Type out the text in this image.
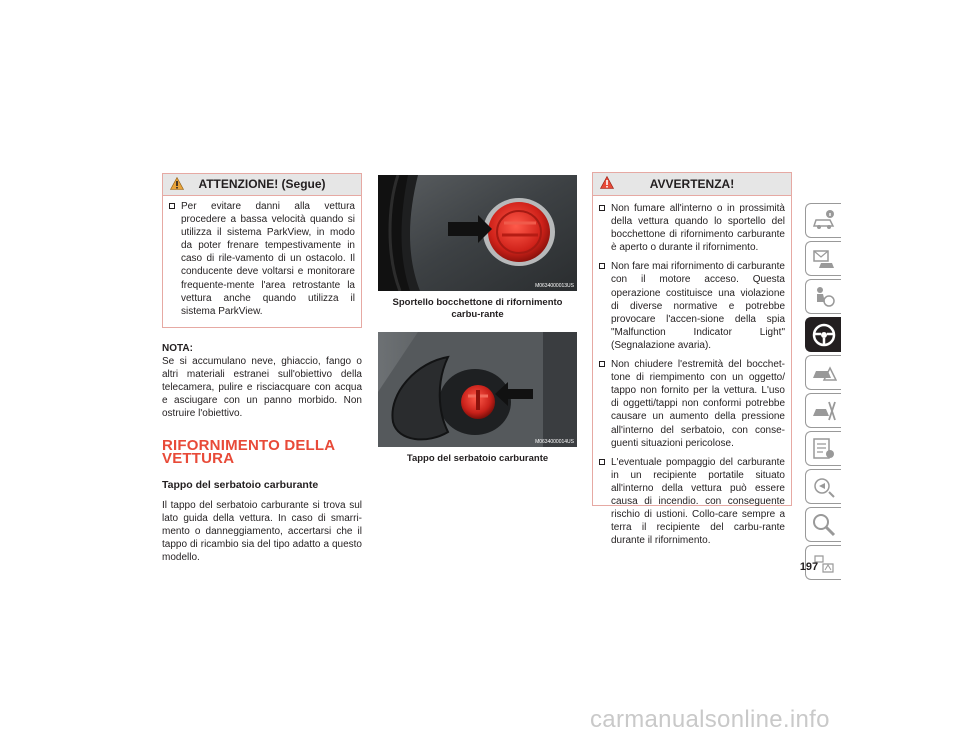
ATTENZIONE! (Segue)
Per evitare danni alla vettura procedere a bassa velocità quando si utilizza il sistema ParkView, in modo da poter frenare tempestivamente in caso di rile-vamento di un ostacolo. Il conducente deve voltarsi e monitorare frequente-mente l'area retrostante la vettura anche quando utilizza il sistema ParkView.
NOTA:
Se si accumulano neve, ghiaccio, fango o altri materiali estranei sull'obiettivo della telecamera, pulire e risciacquare con acqua e asciugare con un panno morbido. Non ostruire l'obiettivo.
RIFORNIMENTO DELLA VETTURA
Tappo del serbatoio carburante
Il tappo del serbatoio carburante si trova sul lato guida della vettura. In caso di smarri-mento o danneggiamento, accertarsi che il tappo di ricambio sia del tipo adatto a questo modello.
M0634000013US
Sportello bocchettone di rifornimento carbu-rante
M0634000014US
Tappo del serbatoio carburante
AVVERTENZA!
Non fumare all'interno o in prossimità della vettura quando lo sportello del bocchettone di rifornimento carburante è aperto o durante il rifornimento.
Non fare mai rifornimento di carburante con il motore acceso. Questa operazione costituisce una violazione di diverse normative e potrebbe provocare l'accen-sione della spia "Malfunction Indicator Light" (Segnalazione avaria).
Non chiudere l'estremità del bocchet-tone di riempimento con un oggetto/ tappo non fornito per la vettura. L'uso di oggetti/tappi non conformi potrebbe causare un aumento della pressione all'interno del serbatoio, con conse-guenti situazioni pericolose.
L'eventuale pompaggio del carburante in un recipiente portatile situato all'interno della vettura può essere causa di incendio. con conseguente rischio di ustioni. Collo-care sempre a terra il recipiente del carbu-rante durante il rifornimento.
197
carmanualsonline.info
